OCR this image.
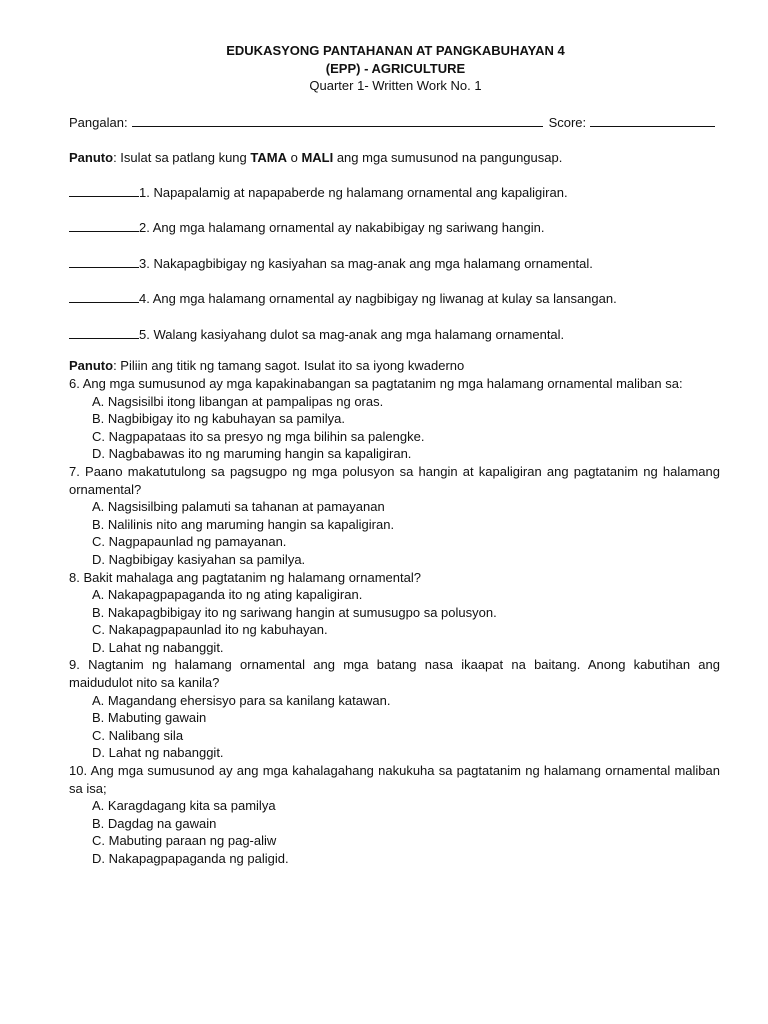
EDUKASYONG PANTAHANAN AT PANGKABUHAYAN 4
(EPP) - AGRICULTURE
Quarter 1- Written Work No. 1
Pangalan:	Score:
Panuto: Isulat sa patlang kung TAMA o MALI ang mga sumusunod na pangungusap.
1. Napapalamig at napapaberde ng halamang ornamental ang kapaligiran.
2. Ang mga halamang ornamental ay nakabibigay ng sariwang hangin.
3. Nakapagbibigay ng kasiyahan sa mag-anak ang mga halamang ornamental.
4. Ang mga halamang ornamental ay nagbibigay ng liwanag at kulay sa lansangan.
5. Walang kasiyahang dulot sa mag-anak ang mga halamang ornamental.
Panuto: Piliin ang titik ng tamang sagot. Isulat ito sa iyong kwaderno
6. Ang mga sumusunod ay mga kapakinabangan sa pagtatanim ng mga halamang ornamental maliban sa:
A. Nagsisilbi itong libangan at pampalipas ng oras.
B. Nagbibigay ito ng kabuhayan sa pamilya.
C. Nagpapataas ito sa presyo ng mga bilihin sa palengke.
D. Nagbabawas ito ng maruming hangin sa kapaligiran.
7. Paano makatutulong sa pagsugpo ng mga polusyon sa hangin at kapaligiran ang pagtatanim ng halamang ornamental?
A. Nagsisilbing palamuti sa tahanan at pamayanan
B. Nalilinis nito ang maruming hangin sa kapaligiran.
C. Nagpapaunlad ng pamayanan.
D. Nagbibigay kasiyahan sa pamilya.
8. Bakit mahalaga ang pagtatanim ng halamang ornamental?
A. Nakapagpapaganda ito ng ating kapaligiran.
B. Nakapagbibigay ito ng sariwang hangin at sumusugpo sa polusyon.
C. Nakapagpapaunlad ito ng kabuhayan.
D. Lahat ng nabanggit.
9. Nagtanim ng halamang ornamental ang mga batang nasa ikaapat na baitang. Anong kabutihan ang maidudulot nito sa kanila?
A. Magandang ehersisyo para sa kanilang katawan.
B. Mabuting gawain
C. Nalibang sila
D. Lahat ng nabanggit.
10. Ang mga sumusunod ay ang mga kahalagahang nakukuha sa pagtatanim ng halamang ornamental maliban sa isa;
A. Karagdagang kita sa pamilya
B. Dagdag na gawain
C. Mabuting paraan ng pag-aliw
D. Nakapagpapaganda ng paligid.
